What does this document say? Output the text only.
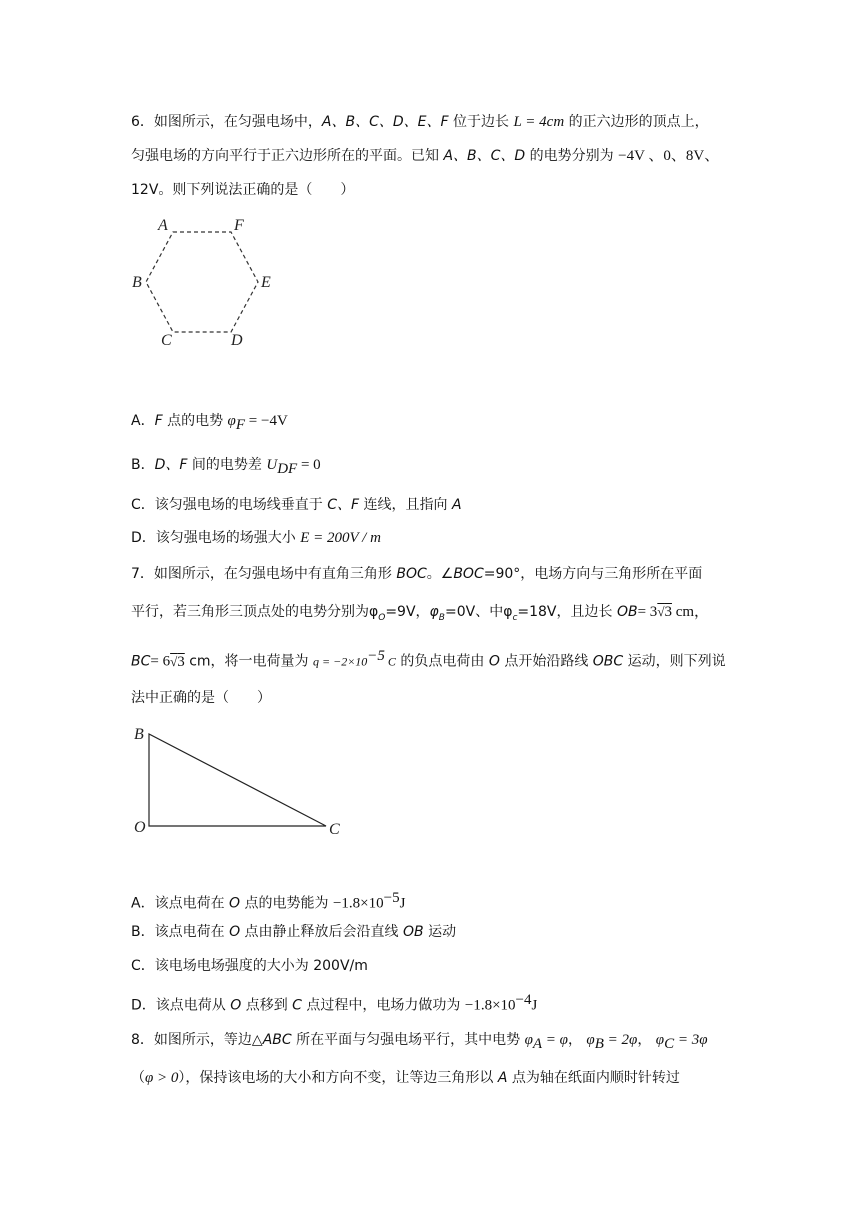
6．如图所示，在匀强电场中，A、B、C、D、E、F 位于边长 L = 4cm 的正六边形的顶点上，
匀强电场的方向平行于正六边形所在的平面。已知 A、B、C、D 的电势分别为 −4V 、0、8V、
12V。则下列说法正确的是（　　）
A	F
B	E
C	D
A．F 点的电势 $\varphi_F = -4V$
B．D、F 间的电势差 $U_{DF} = 0$
C．该匀强电场的电场线垂直于 C、F 连线，且指向 A
D．该匀强电场的场强大小 E = 200V / m
7．如图所示，在匀强电场中有直角三角形 BOC。∠BOC=90°，电场方向与三角形所在平面
平行，若三角形三顶点处的电势分别为$\varphi_O=9V$，$\varphi_B=0V$、中$\varphi_c=18V$，且边长 OB= 3√3 cm，
BC= 6√3 cm，将一电荷量为 $q = -2\times 10^{-5}$ C 的负点电荷由 O 点开始沿路线 OBC 运动，则下列说
法中正确的是（　　）
B
O	C
A．该点电荷在 O 点的电势能为 $-1.8\times 10^{-5}J$
B．该点电荷在 O 点由静止释放后会沿直线 OB 运动
C．该电场电场强度的大小为 200V/m
D．该点电荷从 O 点移到 C 点过程中，电场力做功为 $-1.8\times 10^{-4}J$
8．如图所示，等边△ABC 所在平面与匀强电场平行，其中电势 $\varphi_A = \varphi$， $\varphi_B = 2\varphi$， $\varphi_C = 3\varphi$
（φ > 0），保持该电场的大小和方向不变，让等边三角形以 A 点为轴在纸面内顺时针转过
